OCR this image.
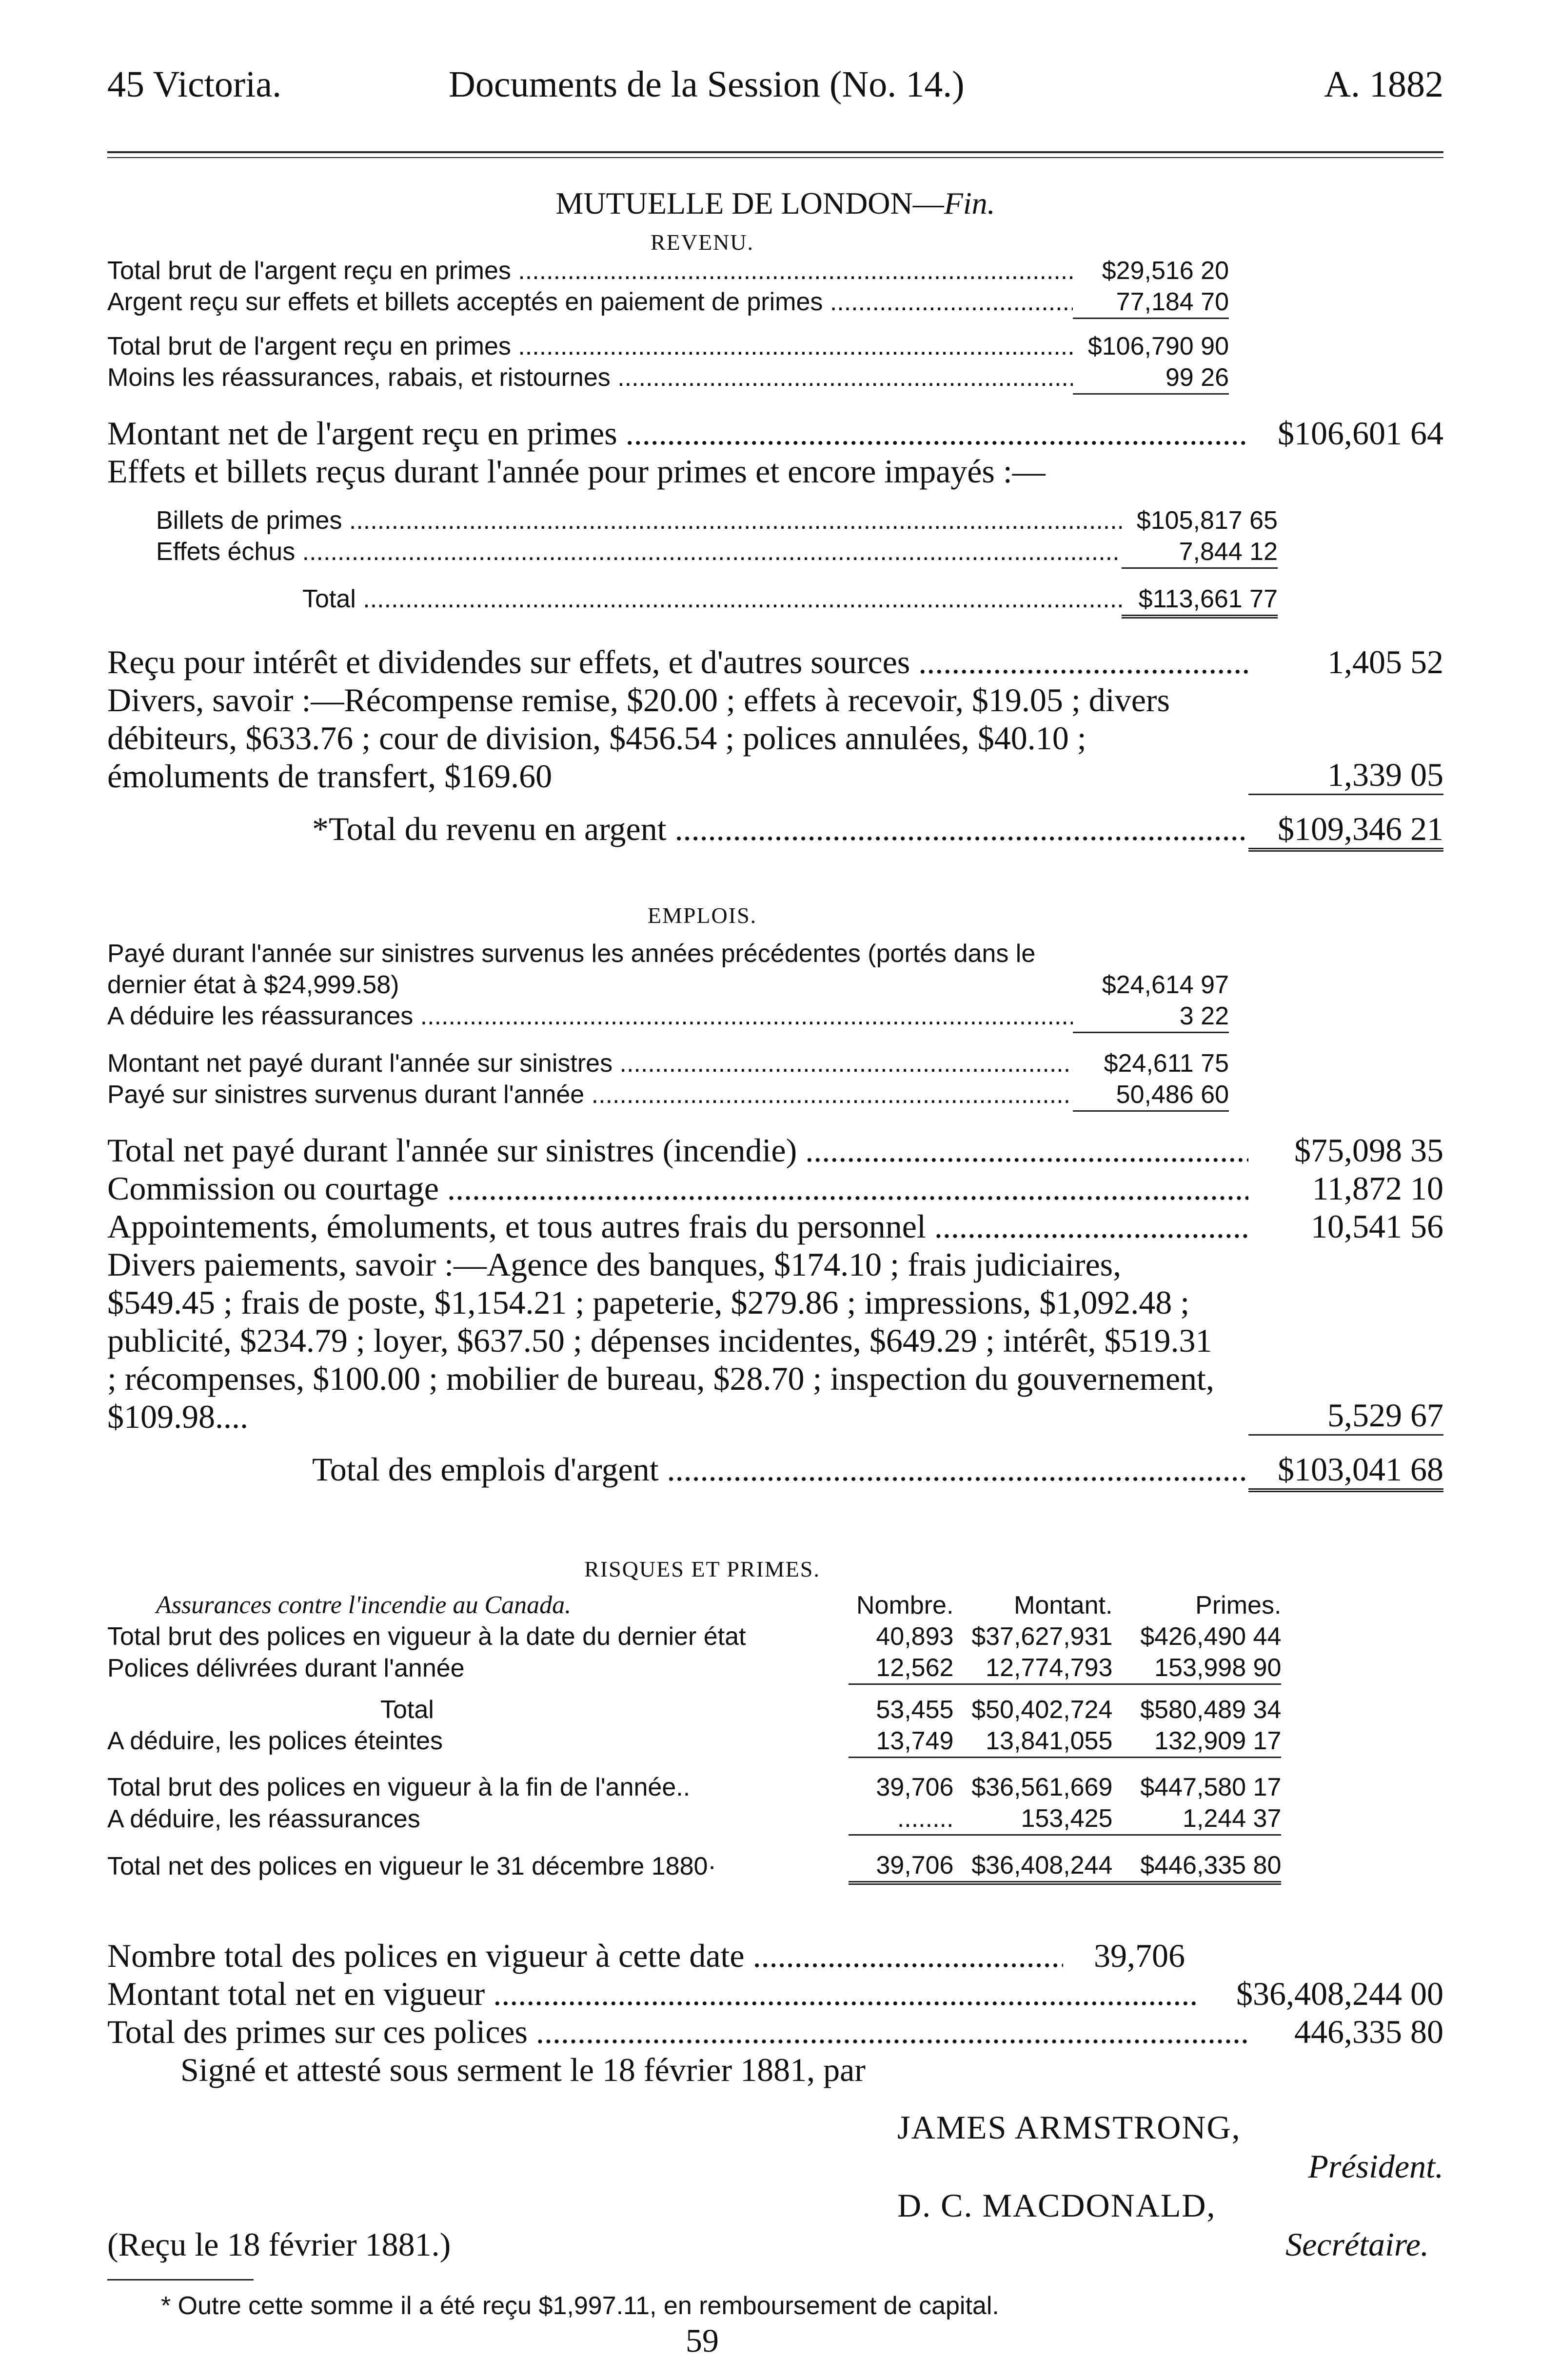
45 Victoria.	Documents de la Session (No. 14.)	A. 1882
MUTUELLE DE LONDON—Fin.
REVENU.
Total brut de l'argent reçu en primes .....	$29,516 20
Argent reçu sur effets et billets acceptés en paiement de primes .....	77,184 70
Total brut de l'argent reçu en primes .....	$106,790 90
Moins les réassurances, rabais, et ristournes .....	99 26
Montant net de l'argent reçu en primes .....	$106,601 64
Effets et billets reçus durant l'année pour primes et encore impayés :—
Billets de primes .....	$105,817 65
Effets échus .....	7,844 12
Total .....	$113,661 77
Reçu pour intérêt et dividendes sur effets, et d'autres sources .....	1,405 52
Divers, savoir :—Récompense remise, $20.00 ; effets à recevoir, $19.05 ; divers débiteurs, $633.76 ; cour de division, $456.54 ; polices annulées, $40.10 ; émoluments de transfert, $169.60	1,339 05
*Total du revenu en argent .....	$109,346 21
EMPLOIS.
Payé durant l'année sur sinistres survenus les années précédentes (portés dans le dernier état à $24,999.58)	$24,614 97
A déduire les réassurances .....	3 22
Montant net payé durant l'année sur sinistres .....	$24,611 75
Payé sur sinistres survenus durant l'année .....	50,486 60
Total net payé durant l'année sur sinistres (incendie) .....	$75,098 35
Commission ou courtage .....	11,872 10
Appointements, émoluments, et tous autres frais du personnel .....	10,541 56
Divers paiements, savoir :—Agence des banques, $174.10 ; frais judiciaires, $549.45 ; frais de poste, $1,154.21 ; papeterie, $279.86 ; impressions, $1,092.48 ; publicité, $234.79 ; loyer, $637.50 ; dépenses incidentes, $649.29 ; intérêt, $519.31 ; récompenses, $100.00 ; mobilier de bureau, $28.70 ; inspection du gouvernement, $109.98....	5,529 67
Total des emplois d'argent .....	$103,041 68
RISQUES ET PRIMES.
Assurances contre l'incendie au Canada.	Nombre.	Montant.	Primes.
Total brut des polices en vigueur à la date du dernier état	40,893	$37,627,931	$426,490 44
Polices délivrées durant l'année	12,562	12,774,793	153,998 90

Total	53,455	$50,402,724	$580,489 34
A déduire, les polices éteintes	13,749	13,841,055	132,909 17

Total brut des polices en vigueur à la fin de l'année..	39,706	$36,561,669	$447,580 17
A déduire, les réassurances	........	153,425	1,244 37

Total net des polices en vigueur le 31 décembre 1880·	39,706	$36,408,244	$446,335 80
Nombre total des polices en vigueur à cette date .....	39,706
Montant total net en vigueur .....	$36,408,244 00
Total des primes sur ces polices .....	446,335 80
Signé et attesté sous serment le 18 février 1881, par
JAMES ARMSTRONG,
Président.
D. C. MACDONALD,
(Reçu le 18 février 1881.)	Secrétaire.
* Outre cette somme il a été reçu $1,997.11, en remboursement de capital.
59
